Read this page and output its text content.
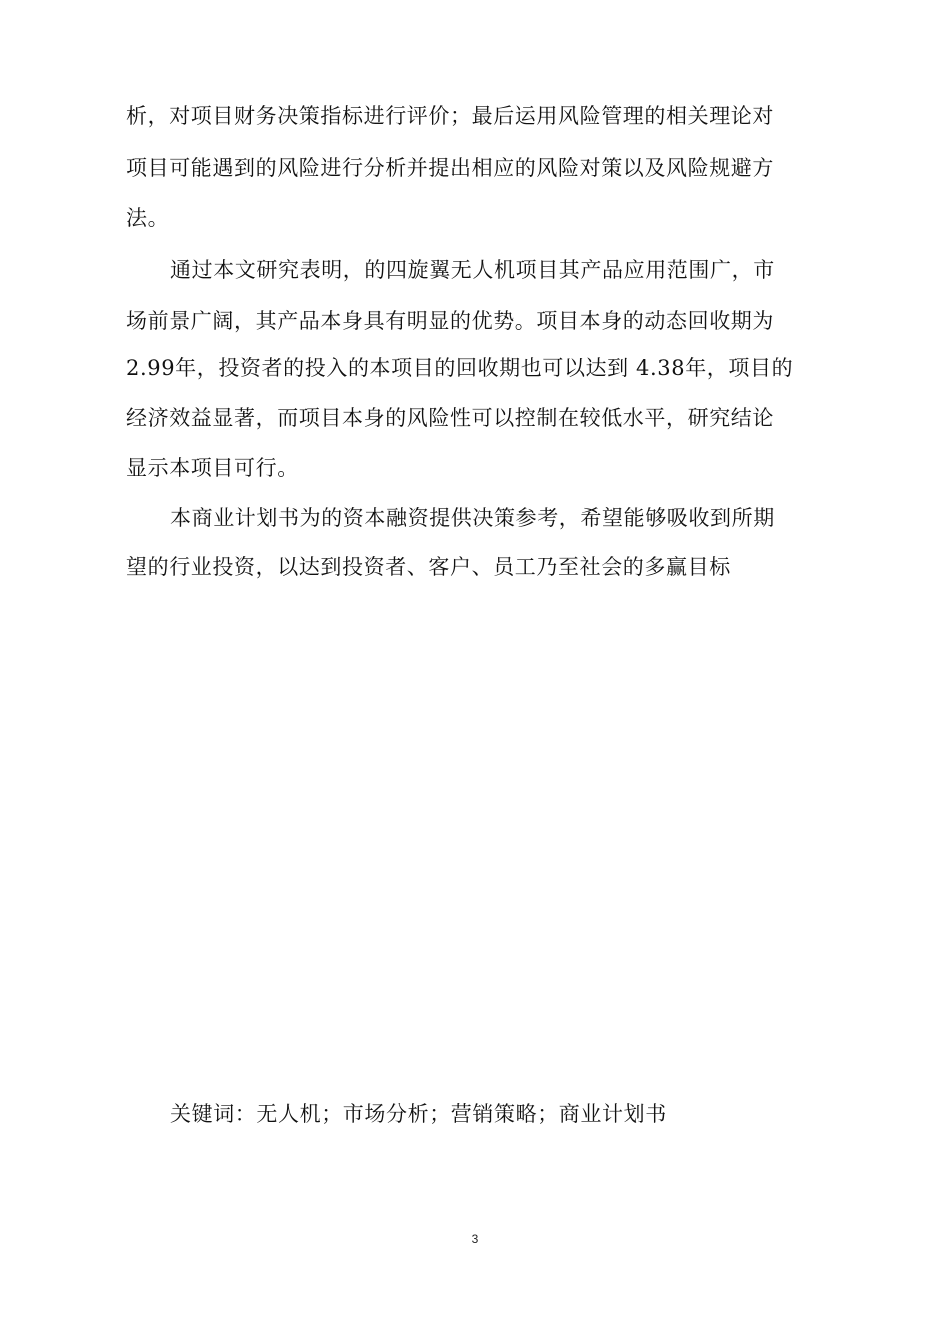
析，对项目财务决策指标进行评价；最后运用风险管理的相关理论对
项目可能遇到的风险进行分析并提出相应的风险对策以及风险规避方
法。
通过本文研究表明，的四旋翼无人机项目其产品应用范围广，市
场前景广阔，其产品本身具有明显的优势。项目本身的动态回收期为
2.99年，投资者的投入的本项目的回收期也可以达到 4.38年，项目的
经济效益显著，而项目本身的风险性可以控制在较低水平，研究结论
显示本项目可行。
本商业计划书为的资本融资提供决策参考，希望能够吸收到所期
望的行业投资，以达到投资者、客户、员工乃至社会的多赢目标
关键词：无人机；市场分析；营销策略；商业计划书
3
